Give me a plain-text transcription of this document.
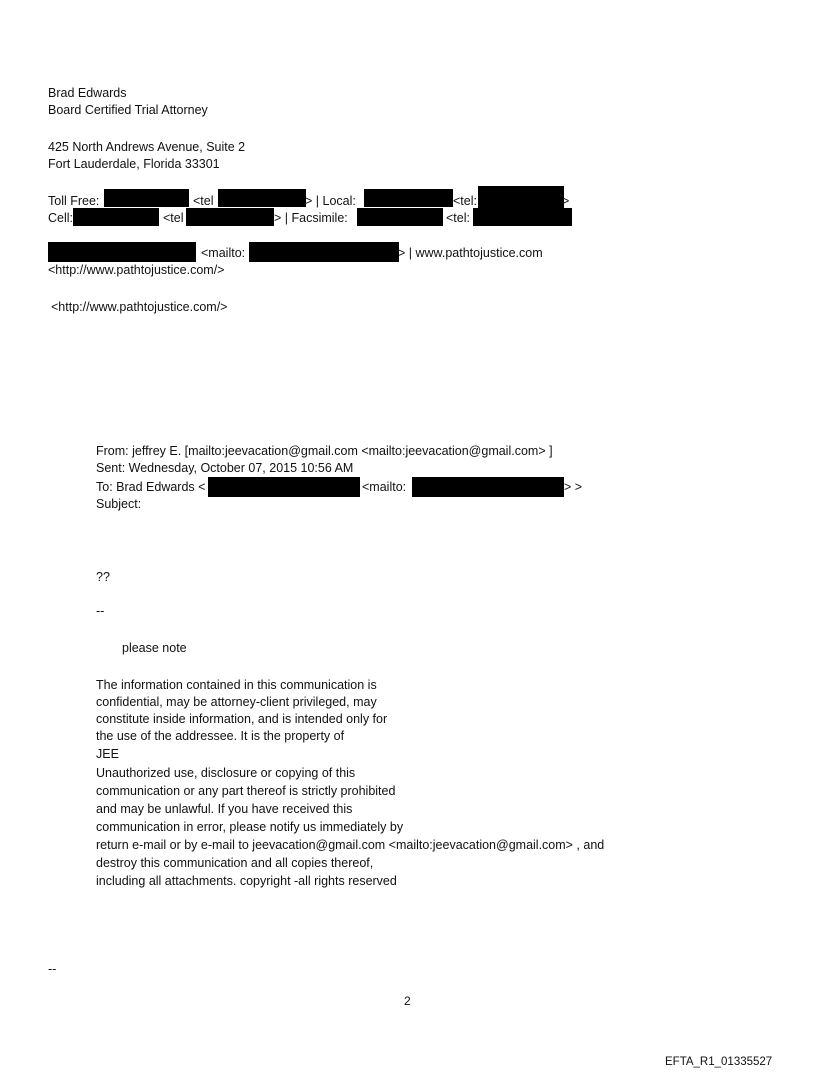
Brad Edwards
Board Certified Trial Attorney
425 North Andrews Avenue, Suite 2
Fort Lauderdale, Florida 33301
Toll Free:	<tel	> | Local:	<tel:	>
Cell:	<tel	> | Facsimile:	<tel:
<mailto:	> | www.pathtojustice.com
<http://www.pathtojustice.com/>
<http://www.pathtojustice.com/>
From: jeffrey E. [mailto:jeevacation@gmail.com <mailto:jeevacation@gmail.com> ]
Sent: Wednesday, October 07, 2015 10:56 AM
To: Brad Edwards <	<mailto:	> >
Subject:
??
--
please note
The information contained in this communication is
confidential, may be attorney-client privileged, may
constitute inside information, and is intended only for
the use of the addressee. It is the property of
JEE
Unauthorized use, disclosure or copying of this
communication or any part thereof is strictly prohibited
and may be unlawful. If you have received this
communication in error, please notify us immediately by
return e-mail or by e-mail to jeevacation@gmail.com <mailto:jeevacation@gmail.com> , and
destroy this communication and all copies thereof,
including all attachments. copyright -all rights reserved
--
2
EFTA_R1_01335527
